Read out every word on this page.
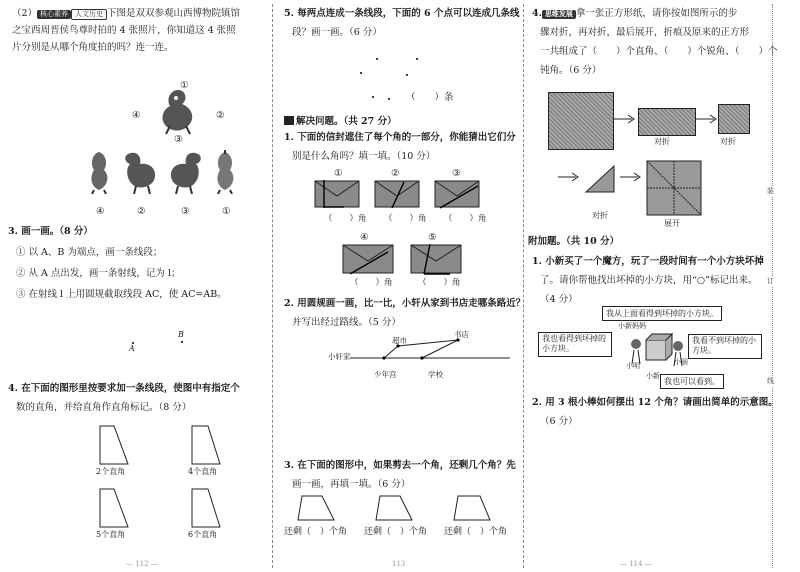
（2） 核心素养 人文历史 下图是双双参观山西博物院镇馆
之宝西周晋侯鸟尊时拍的 4 张照片，你知道这 4 张照
片分别是从哪个角度拍的吗？连一连。
①
④
③
②
④	②	③	①
3. 画一画。（8 分）
① 以 A、B 为端点，画一条线段；
② 从 A 点出发，画一条射线，记为 l；
③ 在射线 l 上用圆规截取线段 AC，使 AC=AB。
B
A
4. 在下面的图形里按要求加一条线段，使图中有指定个
数的直角，并给直角作直角标记。（8 分）
2个直角	4个直角
5个直角	6个直角
— 112 —
5. 每两点连成一条线段，下面的 6 个点可以连成几条线
段？画一画。（6 分）
（　　）条
解决问题。（共 27 分）
1. 下面的信封遮住了每个角的一部分，你能猜出它们分
别是什么角吗？填一填。（10 分）
①	②	③
（　　）角 （　　）角 （　　）角
④	⑤
（　　）角	（　　）角
2. 用圆规画一画，比一比，小轩从家到书店走哪条路近？
并写出经过路线。（5 分）
小轩家
超市
书店
少年宫	学校
3. 在下面的图形中，如果剪去一个角，还剩几个角？先
画一画，再填一填。（6 分）
还剩（　 ）个角 还剩（　 ）个角 还剩（　 ）个角
113
4. 思维发展 拿一张正方形纸，请你按如图所示的步
骤对折，再对折，最后展开，折痕及原来的正方形
一共组成了（　　）个直角、（　　）个锐角、（　　）个
钝角。（6 分）
对折	对折
对折
展开
附加题。（共 10 分）
1. 小新买了一个魔方，玩了一段时间有一个小方块坏掉
了。请你帮他找出坏掉的小方块，用“○”标记出来。
（4 分）
我从上面看得到坏掉的小方块。
小新妈妈
我也看得到坏掉的小方块。
我看不到坏掉的小方块。
小明	小丽
小新
我也可以看到。
2. 用 3 根小棒如何摆出 12 个角？请画出简单的示意图。
（6 分）
— 114 —
装
订
线
